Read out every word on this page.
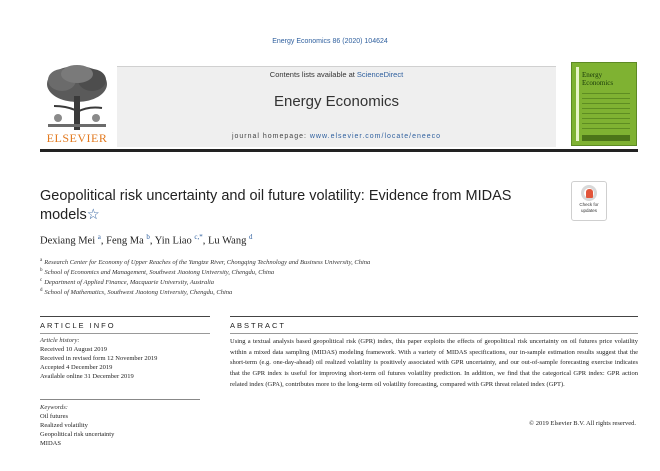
Energy Economics 86 (2020) 104624
ELSEVIER
Contents lists available at ScienceDirect
Energy Economics
journal homepage: www.elsevier.com/locate/eneeco
Energy Economics
Geopolitical risk uncertainty and oil future volatility: Evidence from MIDAS models☆
Check for updates
Dexiang Mei $^a$, Feng Ma $^b$, Yin Liao $^{c,*}$, Lu Wang $^d$
$^a$ Research Center for Economy of Upper Reaches of the Yangtze River, Chongqing Technology and Business University, China
$^b$ School of Economics and Management, Southwest Jiaotong University, Chengdu, China
$^c$ Department of Applied Finance, Macquarie University, Australia
$^d$ School of Mathematics, Southwest Jiaotong University, Chengdu, China
ARTICLE INFO	ABSTRACT
Article history:
Received 10 August 2019
Received in revised form 12 November 2019
Accepted 4 December 2019
Available online 31 December 2019
Keywords:
Oil futures
Realized volatility
Geopolitical risk uncertainty
MIDAS
Using a textual analysis based geopolitical risk (GPR) index, this paper exploits the effects of geopolitical risk uncertainty on oil futures price volatility within a mixed data sampling (MIDAS) modeling framework. With a variety of MIDAS specifications, our in-sample estimation results suggest that the short-term (e.g. one-day-ahead) oil realized volatility is positively associated with GPR uncertainty, and our out-of-sample forecasting exercise indicates that the GPR index is useful for improving short-term oil futures volatility prediction. In addition, we find that the categorical GPR index: GPR action related index (GPA), contributes more to the long-term oil volatility forecasting, compared with GPR threat related index (GPT).
© 2019 Elsevier B.V. All rights reserved.
